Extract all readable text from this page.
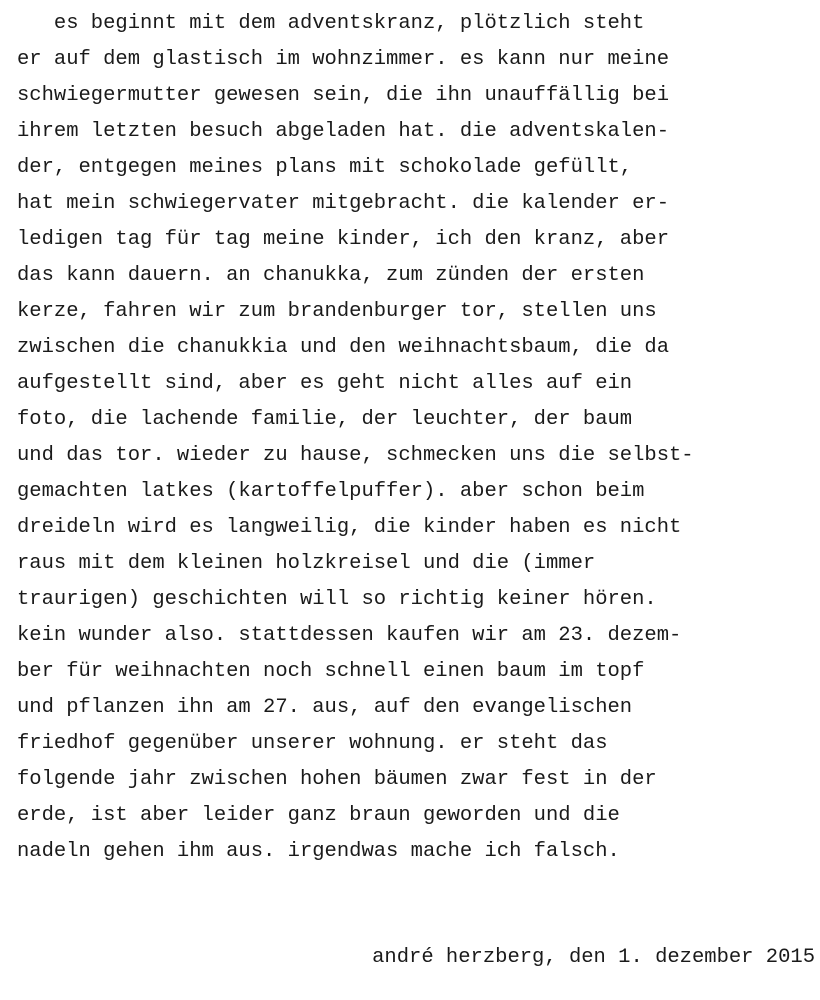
es beginnt mit dem adventskranz, plötzlich steht
er auf dem glastisch im wohnzimmer. es kann nur meine
schwiegermutter gewesen sein, die ihn unauffällig bei
ihrem letzten besuch abgeladen hat. die adventskalen-
der, entgegen meines plans mit schokolade gefüllt,
hat mein schwiegervater mitgebracht. die kalender er-
ledigen tag für tag meine kinder, ich den kranz, aber
das kann dauern. an chanukka, zum zünden der ersten
kerze, fahren wir zum brandenburger tor, stellen uns
zwischen die chanukkia und den weihnachtsbaum, die da
aufgestellt sind, aber es geht nicht alles auf ein
foto, die lachende familie, der leuchter, der baum
und das tor. wieder zu hause, schmecken uns die selbst-
gemachten latkes (kartoffelpuffer). aber schon beim
dreideln wird es langweilig, die kinder haben es nicht
raus mit dem kleinen holzkreisel und die (immer
traurigen) geschichten will so richtig keiner hören.
kein wunder also. stattdessen kaufen wir am 23. dezem-
ber für weihnachten noch schnell einen baum im topf
und pflanzen ihn am 27. aus, auf den evangelischen
friedhof gegenüber unserer wohnung. er steht das
folgende jahr zwischen hohen bäumen zwar fest in der
erde, ist aber leider ganz braun geworden und die
nadeln gehen ihm aus. irgendwas mache ich falsch.
andré herzberg, den 1. dezember 2015
